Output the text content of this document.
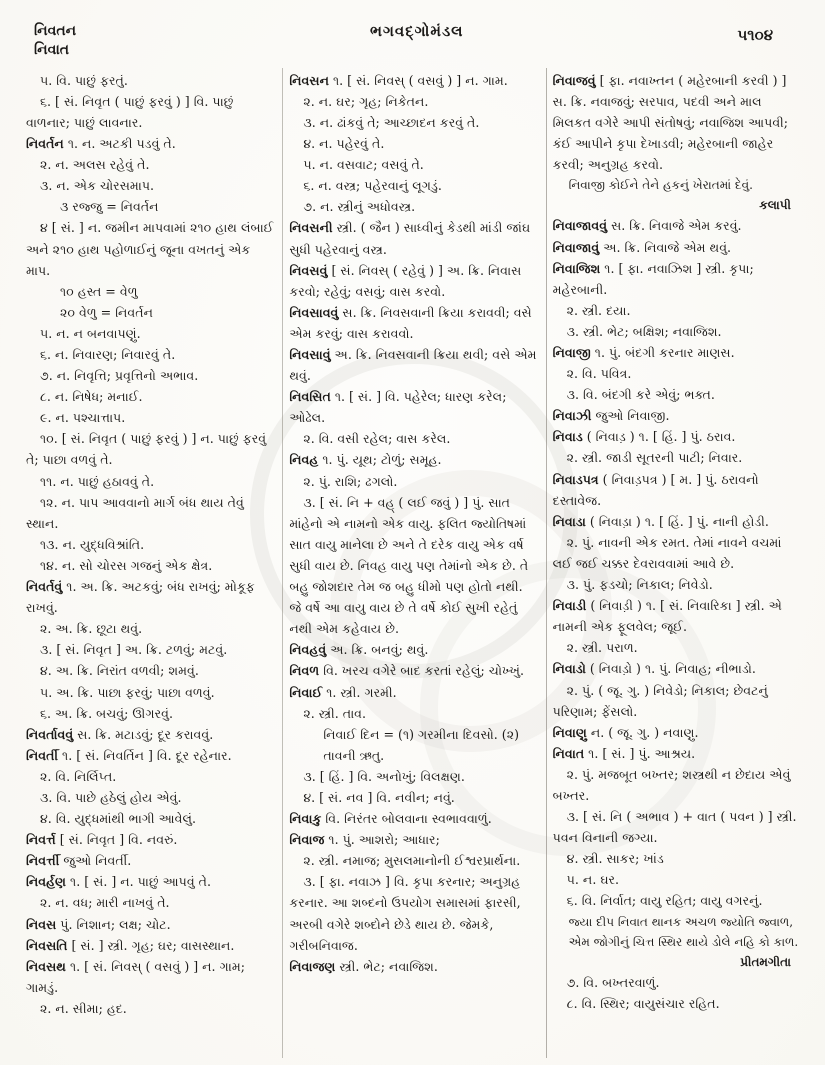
નિવતન
નિવાત
ભગવદ્ગોમંડલ	૫૧૦૪
૫. વિ. પાછું ફરતું.
૬. [ સં. નિવૃત ( પાછું ફરવું ) ] વિ. પાછું વાળનાર; પાછું લાવનાર.
નિવર્તન ૧. ન. અટકી પડવું તે.
૨. ન. અલસ રહેવું તે.
૩. ન. એક ચોરસમાપ.
૩ રજ્જુ = નિવર્તન
૪ [ સં. ] ન. જમીન માપવામાં ૨૧૦ હાથ લંબાઈ અને ૨૧૦ હાથ પહોળાઈનું જૂના વખતનું એક માપ.
૧૦ હસ્ત = વેળુ
૨૦ વેળુ = નિવર્તન
૫. ન. ન બનવાપણું.
૬. ન. નિવારણ; નિવારવું તે.
૭. ન. નિવૃત્તિ; પ્રવૃત્તિનો અભાવ.
૮. ન. નિષેધ; મનાઈ.
૯. ન. પશ્ચાત્તાપ.
૧૦. [ સં. નિવૃત ( પાછું ફરવું ) ] ન. પાછું ફરવું તે; પાછા વળવું તે.
૧૧. ન. પાછું હઠાવવું તે.
૧૨. ન. પાપ આવવાનો માર્ગ બંધ થાય તેવું સ્થાન.
૧૩. ન. યુદ્ધવિશ્રાંતિ.
૧૪. ન. સો ચોરસ ગજનું એક ક્ષેત્ર.
નિવર્તવું ૧. અ. ક્રિ. અટકવું; બંધ રાખવું; મોકૂફ રાખવું.
૨. અ. ક્રિ. છૂટા થવું.
૩. [ સં. નિવૃત ] અ. ક્રિ. ટળવું; મટવું.
૪. અ. ક્રિ. નિરાંત વળવી; શમવું.
૫. અ. ક્રિ. પાછા ફરવું; પાછા વળવું.
૬. અ. ક્રિ. બચવું; ઊગરવું.
નિવર્તાવવું સ. ક્રિ. મટાડવું; દૂર કરાવવું.
નિવર્તી ૧. [ સં. નિવર્તિન ] વિ. દૂર રહેનાર.
૨. વિ. નિર્લિપ્ત.
૩. વિ. પાછે હઠેલું હોય એવું.
૪. વિ. યુદ્ધમાંથી ભાગી આવેલું.
નિવર્ત્ત [ સં. નિવૃત ] વિ. નવરું.
નિવર્ત્તી જુઓ નિવર્તી.
નિવર્હણ ૧. [ સં. ] ન. પાછું આપવું તે.
૨. ન. વધ; મારી નાખવું તે.
નિવસ પું. નિશાન; લક્ષ; ચોટ.
નિવસતિ [ સં. ] સ્ત્રી. ગૃહ; ઘર; વાસસ્થાન.
નિવસથ ૧. [ સં. નિવસ્ ( વસવું ) ] ન. ગામ; ગામડું.
૨. ન. સીમા; હદ.
નિવસન ૧. [ સં. નિવસ્ ( વસવું ) ] ન. ગામ.
૨. ન. ઘર; ગૃહ; નિકેતન.
૩. ન. ઢાંકવું તે; આચ્છાદન કરવું તે.
૪. ન. પહેરવું તે.
૫. ન. વસવાટ; વસવું તે.
૬. ન. વસ્ત્ર; પહેરવાનું લૂગડું.
૭. ન. સ્ત્રીનું અધોવસ્ત્ર.
નિવસની સ્ત્રી. ( જૈન ) સાધ્વીનું કેડથી માંડી જાંઘ સુધી પહેરવાનું વસ્ત્ર.
નિવસવું [ સં. નિવસ્ ( રહેવું ) ] અ. ક્રિ. નિવાસ કરવો; રહેવું; વસવું; વાસ કરવો.
નિવસાવવું સ. ક્રિ. નિવસવાની ક્રિયા કરાવવી; વસે એમ કરવું; વાસ કરાવવો.
નિવસાવું અ. ક્રિ. નિવસવાની ક્રિયા થવી; વસે એમ થવું.
નિવસિત ૧. [ સં. ] વિ. પહેરેલ; ધારણ કરેલ; ઓઢેલ.
૨. વિ. વસી રહેલ; વાસ કરેલ.
નિવહ ૧. પું. યૂથ; ટોળું; સમૂહ.
૨. પું. રાશિ; ઢગલો.
૩. [ સં. નિ + વહ્ ( લઈ જવું ) ] પું. સાત માંહેનો એ નામનો એક વાયુ. ફલિત જ્યોતિષમાં સાત વાયુ માનેલા છે અને તે દરેક વાયુ એક વર્ષ સુધી વાય છે. નિવહ વાયુ પણ તેમાંનો એક છે. તે બહુ જોશદાર તેમ જ બહુ ધીમો પણ હોતો નથી. જે વર્ષે આ વાયુ વાય છે તે વર્ષે કોઈ સુખી રહેતું નથી એમ કહેવાય છે.
નિવહવું અ. ક્રિ. બનવું; થવું.
નિવળ વિ. ખરચ વગેરે બાદ કરતાં રહેલું; ચોખ્ખું.
નિવાઈ ૧. સ્ત્રી. ગરમી.
૨. સ્ત્રી. તાવ.
નિવાઈ દિન = (૧) ગરમીના દિવસો. (૨) તાવની ઋતુ.
૩. [ હિં. ] વિ. અનોખું; વિલક્ષણ.
૪. [ સં. નવ ] વિ. નવીન; નવું.
નિવાકુ વિ. નિરંતર બોલવાના સ્વભાવવાળું.
નિવાજ ૧. પું. આશરો; આધાર;
૨. સ્ત્રી. નમાજ; મુસલમાનોની ઈશ્વરપ્રાર્થના.
૩. [ ફા. નવાઝ ] વિ. કૃપા કરનાર; અનુગ્રહ કરનાર. આ શબ્દનો ઉપયોગ સમાસમાં ફારસી, અરબી વગેરે શબ્દોને છેડે થાય છે. જેમકે, ગરીબનિવાજ.
નિવાજણ સ્ત્રી. ભેટ; નવાજિશ.
નિવાજવું [ ફા. નવાખ્તન ( મહેરબાની કરવી ) ] સ. ક્રિ. નવાજવું; સરપાવ, પદવી અને માલ મિલકત વગેરે આપી સંતોષવું; નવાજિશ આપવી; કંઈ આપીને કૃપા દેખાડવી; મહેરબાની જાહેર કરવી; અનુગ્રહ કરવો.
નિવાજી કોઈને તેને હકનું ખેરાતમાં દેવું.
કલાપી
નિવાજાવવું સ. ક્રિ. નિવાજે એમ કરવું.
નિવાજાવું અ. ક્રિ. નિવાજે એમ થવું.
નિવાજિશ ૧. [ ફા. નવાઝિશ ] સ્ત્રી. કૃપા; મહેરબાની.
૨. સ્ત્રી. દયા.
૩. સ્ત્રી. ભેટ; બક્ષિશ; નવાજિશ.
નિવાજી ૧. પું. બંદગી કરનાર માણસ.
૨. વિ. પવિત્ર.
૩. વિ. બંદગી કરે એવું; ભક્ત.
નિવાઝી જુઓ નિવાજી.
નિવાડ ( નિવાડ઼ ) ૧. [ હિં. ] પું. ઠરાવ.
૨. સ્ત્રી. જાડી સૂતરની પાટી; નિવાર.
નિવાડપત્ર ( નિવાડ઼પત્ર ) [ મ. ] પું. ઠરાવનો દસ્તાવેજ.
નિવાડા ( નિવાડ઼ા ) ૧. [ હિં. ] પું. નાની હોડી.
૨. પું. નાવની એક રમત. તેમાં નાવને વચમાં લઈ જઈ ચક્કર દેવરાવવામાં આવે છે.
૩. પું. ફડચો; નિકાલ; નિવેડો.
નિવાડી ( નિવાડ઼ી ) ૧. [ સં. નિવારિકા ] સ્ત્રી. એ નામની એક ફૂલવેલ; જૂઈ.
૨. સ્ત્રી. પરાળ.
નિવાડો ( નિવાડ઼ો ) ૧. પું. નિવાહ; નીભાડો.
૨. પું. ( જૂ. ગુ. ) નિવેડો; નિકાલ; છેવટનું પરિણામ; ફેંસલો.
નિવાણુ ન. ( જૂ. ગુ. ) નવાણુ.
નિવાત ૧. [ સં. ] પું. આશ્રય.
૨. પું. મજબૂત બખ્તર; શસ્ત્રથી ન છેદાય એવું બખ્તર.
૩. [ સં. નિ ( અભાવ ) + વાત ( પવન ) ] સ્ત્રી. પવન વિનાની જગ્યા.
૪. સ્ત્રી. સાકર; ખાંડ
૫. ન. ઘર.
૬. વિ. નિર્વાત; વાયુ રહિત; વાયુ વગરનું.
જ્યા દીપ નિવાત થાનક અચળ જ્યોતિ જ્વાળ, એમ જોગીનું ચિત્ત સ્થિર થાયે ડોલે નહિ કો કાળ.
પ્રીતમગીતા
૭. વિ. બખ્તરવાળું.
૮. વિ. સ્થિર; વાયુસંચાર રહિત.
